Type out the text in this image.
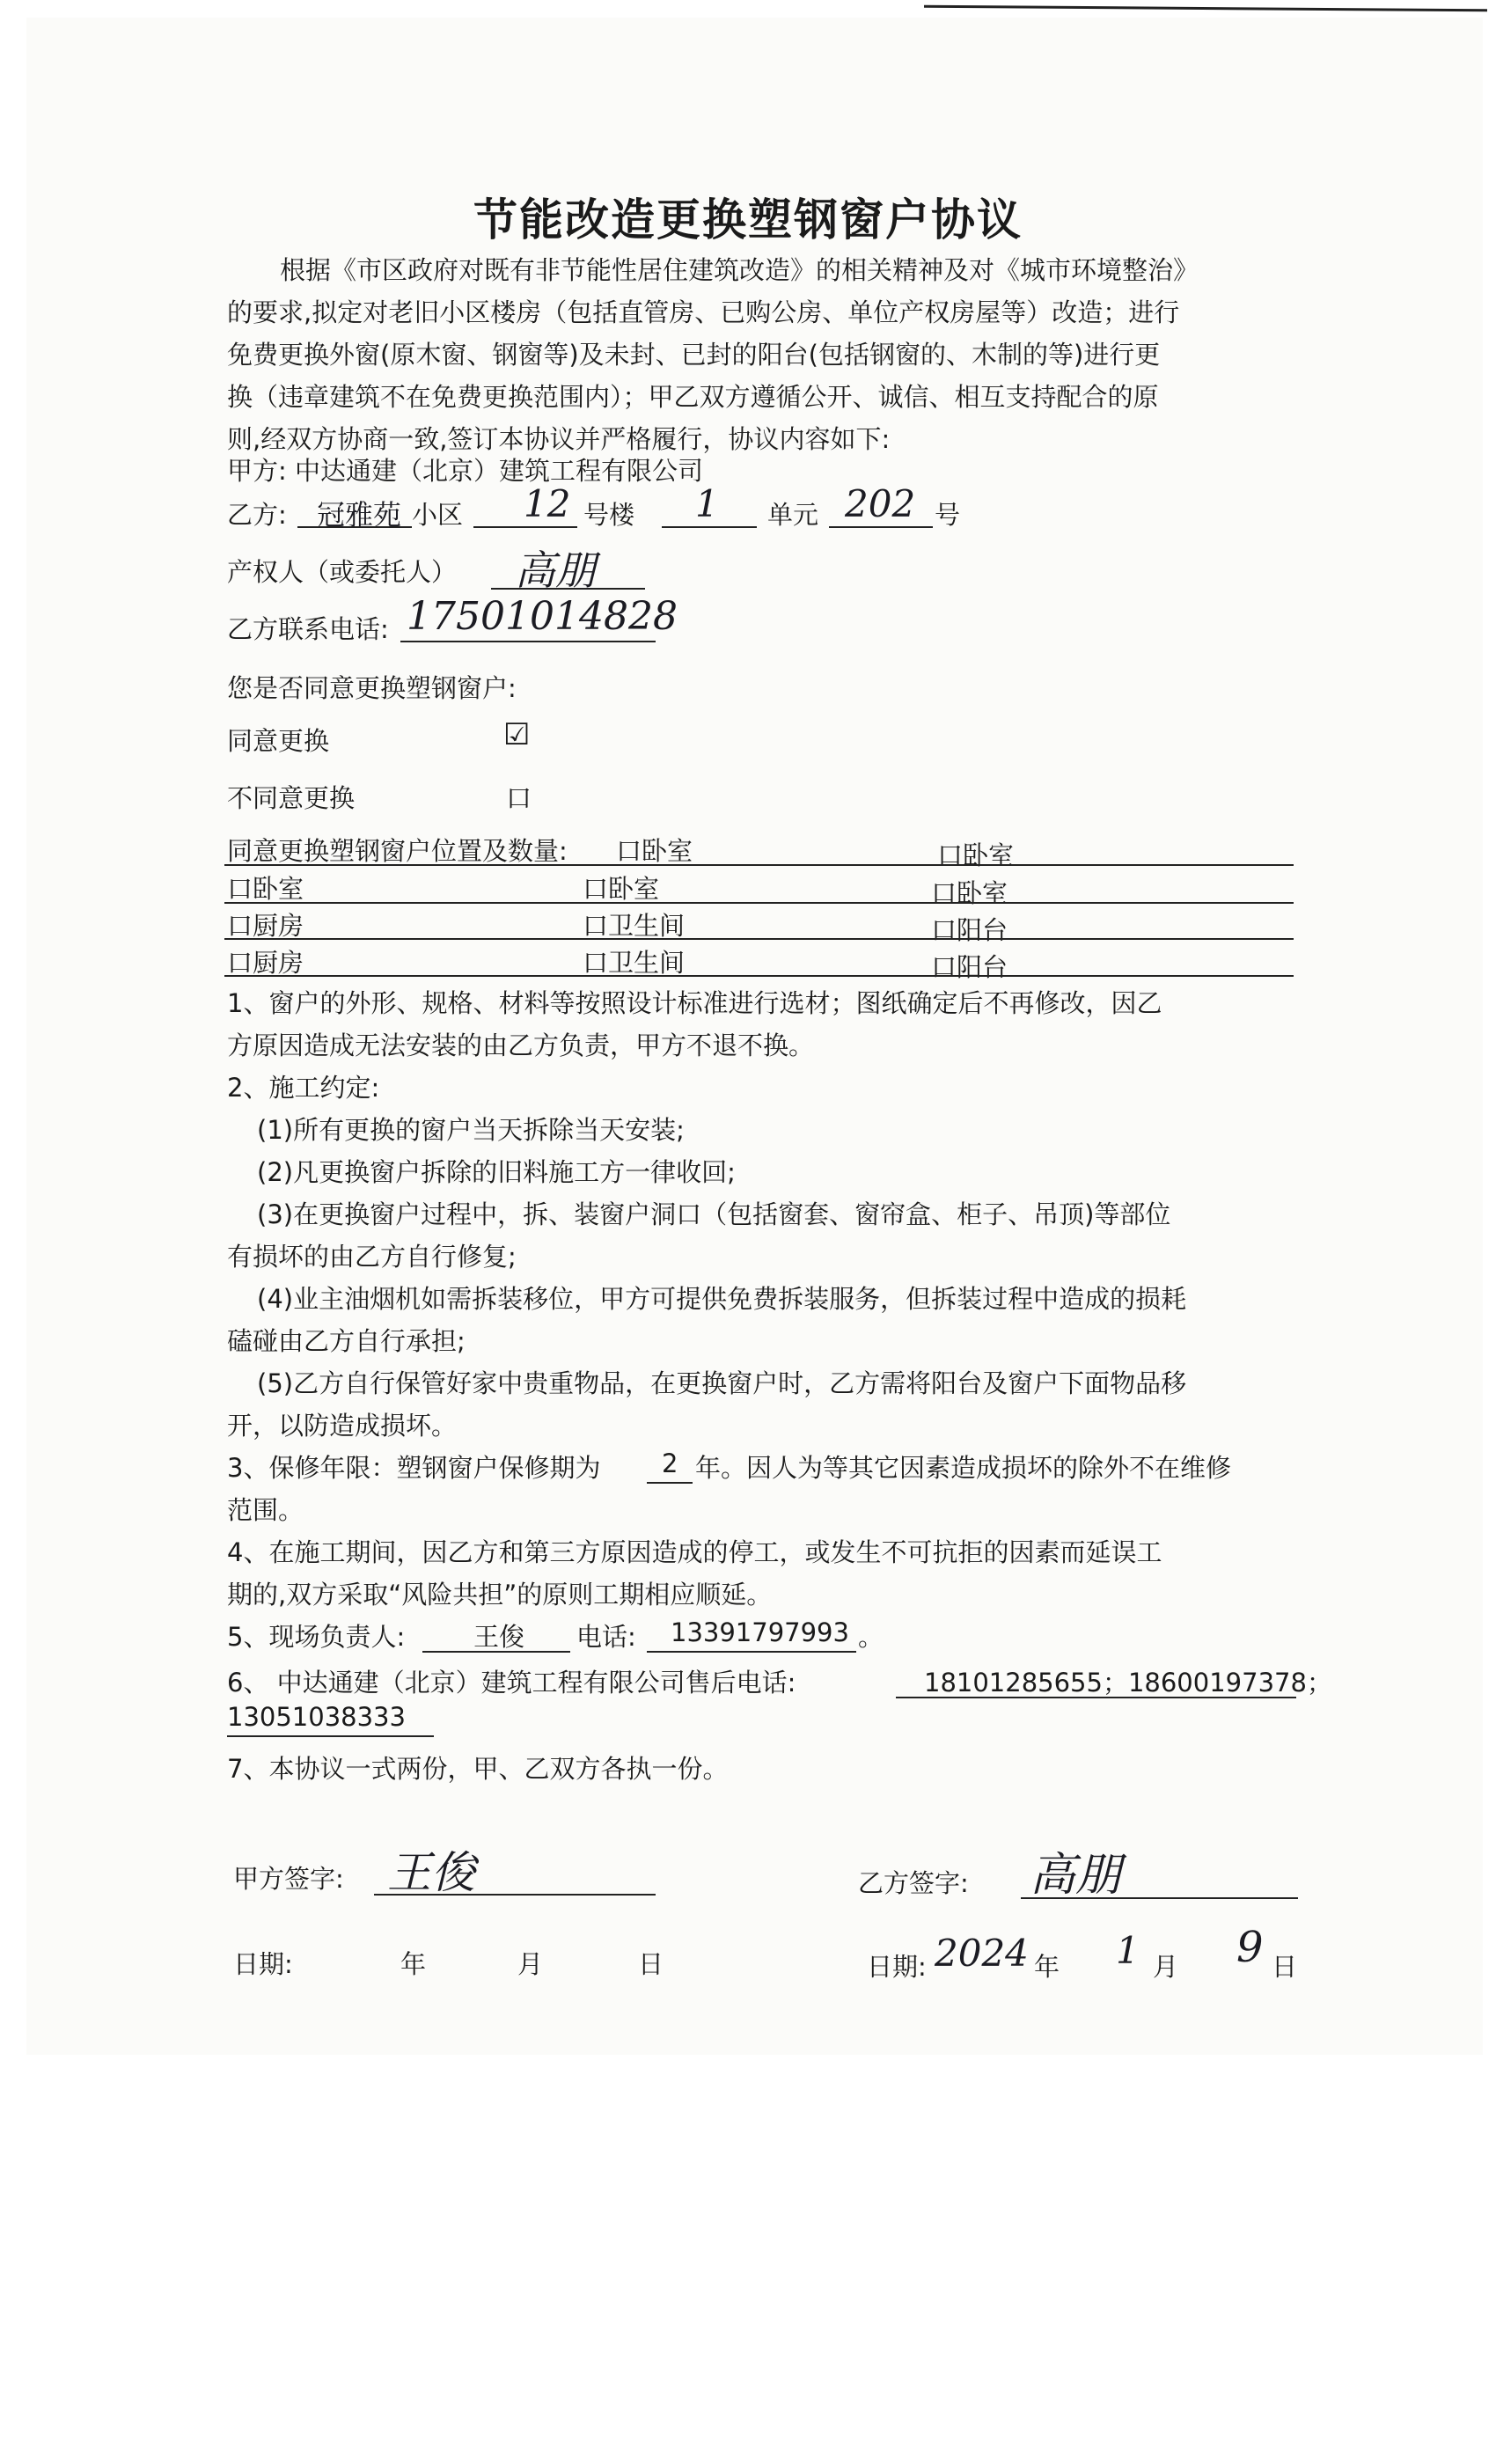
节能改造更换塑钢窗户协议
根据《市区政府对既有非节能性居住建筑改造》的相关精神及对《城市环境整治》
的要求,拟定对老旧小区楼房（包括直管房、已购公房、单位产权房屋等）改造；进行
免费更换外窗(原木窗、钢窗等)及未封、已封的阳台(包括钢窗的、木制的等)进行更
换（违章建筑不在免费更换范围内）；甲乙双方遵循公开、诚信、相互支持配合的原
则,经双方协商一致,签订本协议并严格履行，协议内容如下:
甲方: 中达通建（北京）建筑工程有限公司
乙方: 冠雅苑 小区 12 号楼 1 单元 202 号
产权人（或委托人） 高朋
乙方联系电话: 17501014828
您是否同意更换塑钢窗户:
同意更换	☑
不同意更换	口
同意更换塑钢窗户位置及数量: 口卧室	口卧室
口卧室	口卧室	口卧室
口厨房	口卫生间	口阳台
口厨房	口卫生间	口阳台
1、窗户的外形、规格、材料等按照设计标准进行选材；图纸确定后不再修改，因乙
方原因造成无法安装的由乙方负责，甲方不退不换。
2、施工约定:
(1)所有更换的窗户当天拆除当天安装;
(2)凡更换窗户拆除的旧料施工方一律收回;
(3)在更换窗户过程中，拆、装窗户洞口（包括窗套、窗帘盒、柜子、吊顶)等部位
有损坏的由乙方自行修复;
(4)业主油烟机如需拆装移位，甲方可提供免费拆装服务，但拆装过程中造成的损耗
磕碰由乙方自行承担;
(5)乙方自行保管好家中贵重物品，在更换窗户时，乙方需将阳台及窗户下面物品移
开，以防造成损坏。
3、保修年限：塑钢窗户保修期为 2 年。因人为等其它因素造成损坏的除外不在维修
范围。
4、在施工期间，因乙方和第三方原因造成的停工，或发生不可抗拒的因素而延误工
期的,双方采取“风险共担”的原则工期相应顺延。
5、现场负责人:	王俊 电话: 13391797993 。
6、 中达通建（北京）建筑工程有限公司售后电话:	18101285655；18600197378；
13051038333
7、本协议一式两份，甲、乙双方各执一份。
甲方签字: 王俊	乙方签字: 高朋
日期:	年	月	日	日期: 2024 年 1 月 9 日
